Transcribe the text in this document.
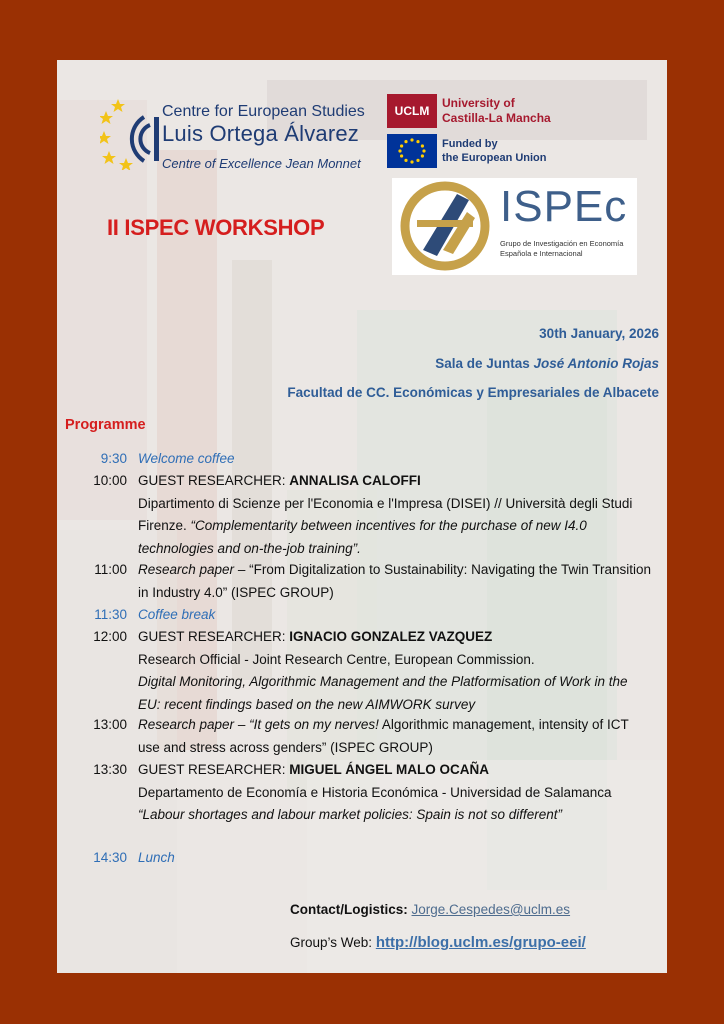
Centre for European Studies
Luis Ortega Álvarez
Centre of Excellence Jean Monnet
UCLM
University of
Castilla-La Mancha
Funded by
the European Union
ISPEc
Grupo de Investigación en Economía
Española e Internacional
II ISPEC WORKSHOP
30th January, 2026
Sala de Juntas José Antonio Rojas
Facultad de CC. Económicas y Empresariales de Albacete
Programme
9:30 Welcome coffee
10:00 GUEST RESEARCHER: ANNALISA CALOFFI
Dipartimento di Scienze per l'Economia e l'Impresa (DISEI) // Università degli Studi Firenze. “Complementarity between incentives for the purchase of new I4.0 technologies and on-the-job training”.
11:00 Research paper – “From Digitalization to Sustainability: Navigating the Twin Transition in Industry 4.0” (ISPEC GROUP)
11:30 Coffee break
12:00 GUEST RESEARCHER: IGNACIO GONZALEZ VAZQUEZ
Research Official - Joint Research Centre, European Commission.
Digital Monitoring, Algorithmic Management and the Platformisation of Work in the EU: recent findings based on the new AIMWORK survey
13:00 Research paper – “It gets on my nerves! Algorithmic management, intensity of ICT use and stress across genders” (ISPEC GROUP)
13:30 GUEST RESEARCHER: MIGUEL ÁNGEL MALO OCAÑA
Departamento de Economía e Historia Económica - Universidad de Salamanca
“Labour shortages and labour market policies: Spain is not so different”
14:30 Lunch
Contact/Logistics: Jorge.Cespedes@uclm.es
Group’s Web: http://blog.uclm.es/grupo-eei/
